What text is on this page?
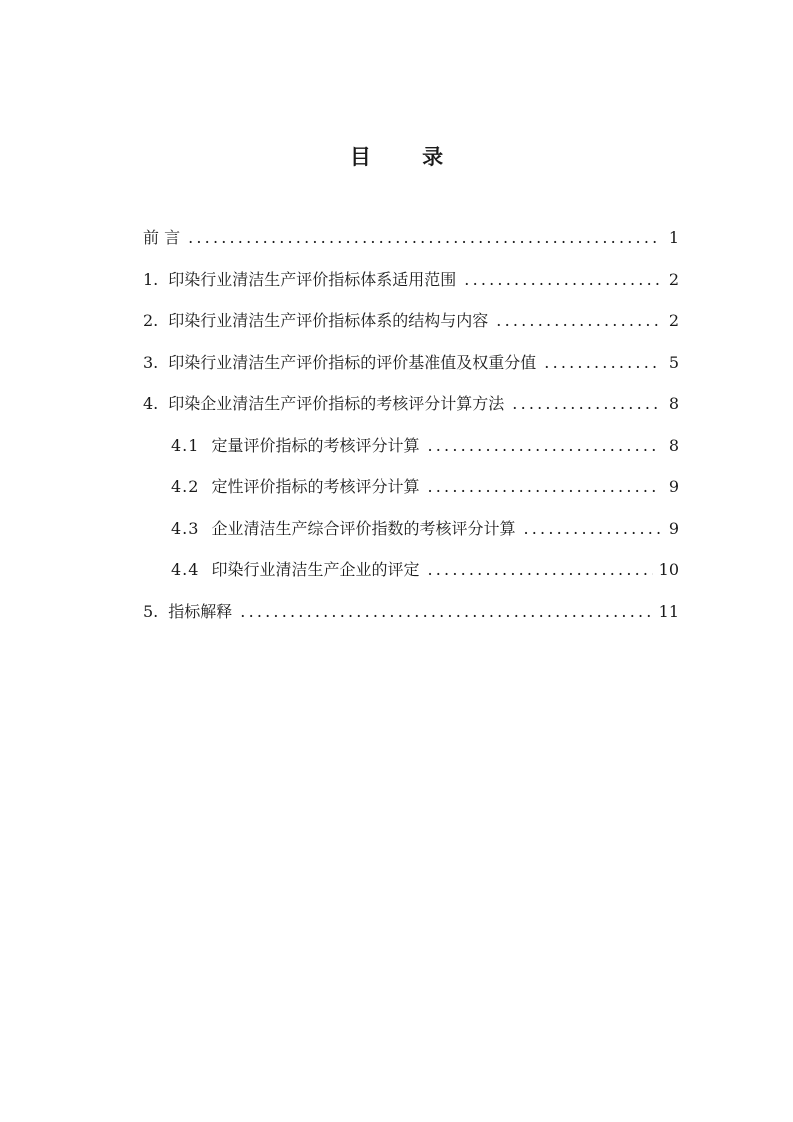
目 录
前 言 .....	1
1. 印染行业清洁生产评价指标体系适用范围 .....	2
2. 印染行业清洁生产评价指标体系的结构与内容 .....	2
3. 印染行业清洁生产评价指标的评价基准值及权重分值 .....	5
4. 印染企业清洁生产评价指标的考核评分计算方法 .....	8
4.1 定量评价指标的考核评分计算 .....	8
4.2 定性评价指标的考核评分计算 .....	9
4.3 企业清洁生产综合评价指数的考核评分计算 .....	9
4.4 印染行业清洁生产企业的评定 .....	10
5. 指标解释 .....	11
